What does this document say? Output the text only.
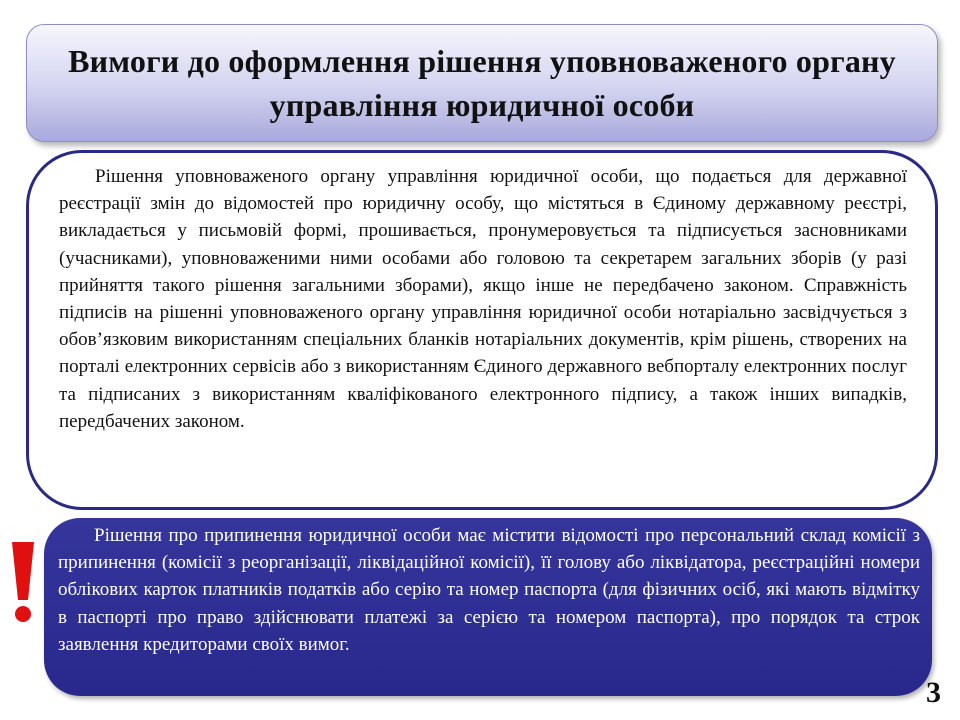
Вимоги до оформлення рішення уповноваженого органу управління юридичної особи

Рішення уповноваженого органу управління юридичної особи, що подається для державної реєстрації змін до відомостей про юридичну особу, що містяться в Єдиному державному реєстрі, викладається у письмовій формі, прошивається, пронумеровується та підписується засновниками (учасниками), уповноваженими ними особами або головою та секретарем загальних зборів (у разі прийняття такого рішення загальними зборами), якщо інше не передбачено законом. Справжність підписів на рішенні уповноваженого органу управління юридичної особи нотаріально засвідчується з обов’язковим використанням спеціальних бланків нотаріальних документів, крім рішень, створених на порталі електронних сервісів або з використанням Єдиного державного вебпорталу електронних послуг та підписаних з використанням кваліфікованого електронного підпису, а також інших випадків, передбачених законом.

Рішення про припинення юридичної особи має містити відомості про персональний склад комісії з припинення (комісії з реорганізації, ліквідаційної комісії), її голову або ліквідатора, реєстраційні номери облікових карток платників податків або серію та номер паспорта (для фізичних осіб, які мають відмітку в паспорті про право здійснювати платежі за серією та номером паспорта), про порядок та строк заявлення кредиторами своїх вимог.

3
